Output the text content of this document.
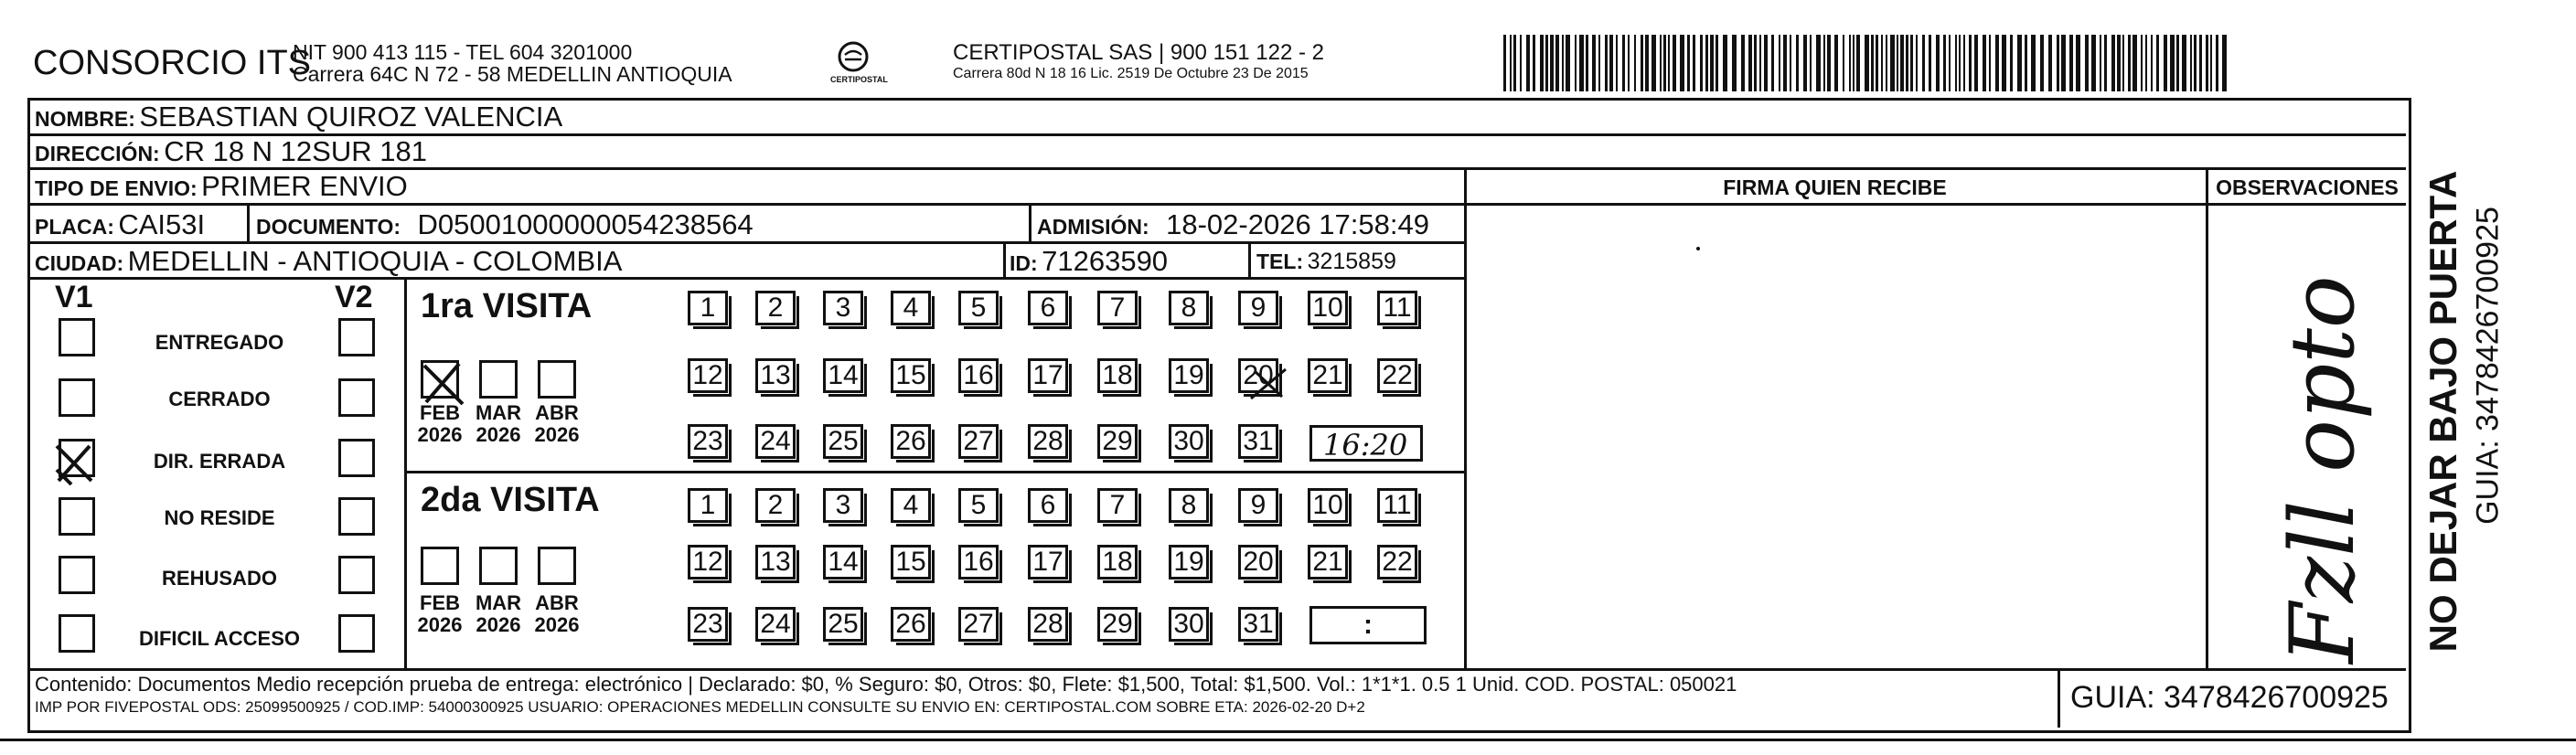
CONSORCIO ITS
NIT 900 413 115 - TEL 604 3201000
Carrera 64C N 72 - 58 MEDELLIN ANTIOQUIA	CERTIPOSTAL
CERTIPOSTAL SAS | 900 151 122 - 2
Carrera 80d N 18 16 Lic. 2519 De Octubre 23 De 2015
NOMBRE: SEBASTIAN QUIROZ VALENCIA
DIRECCIÓN: CR 18 N 12SUR 181
TIPO DE ENVIO: PRIMER ENVIO
PLACA: CAI53I DOCUMENTO: D05001000000054238564	ADMISIÓN: 18-02-2026 17:58:49
CIUDAD: MEDELLIN - ANTIOQUIA - COLOMBIA	ID: 71263590	TEL: 3215859
FIRMA QUIEN RECIBE	OBSERVACIONES
V1	V2
ENTREGADO
CERRADO
DIR. ERRADA
NO RESIDE
REHUSADO
DIFICIL ACCESO
1ra VISITA
2da VISITA
FEB
2026
MAR
2026
ABR
2026
FEB
2026
MAR
2026
ABR
2026
1	2	3	4	5	6	7	8	9	10 11
12 13 14 15 16 17 18 19 20 21 22
23 24 25 26 27 28 29 30 31
1	2	3	4	5	6	7	8	9	10 11
12 13 14 15 16 17 18 19 20 21 22
23 24 25 26 27 28 29 30 31
16:20
:	Fzll opto NO DEJAR BAJO PUERTA GUIA: 3478426700925
Contenido: Documentos Medio recepción prueba de entrega: electrónico | Declarado: $0, % Seguro: $0, Otros: $0, Flete: $1,500, Total: $1,500. Vol.: 1*1*1. 0.5 1 Unid. COD. POSTAL: 050021
IMP POR FIVEPOSTAL ODS: 25099500925 / COD.IMP: 54000300925 USUARIO: OPERACIONES MEDELLIN CONSULTE SU ENVIO EN: CERTIPOSTAL.COM SOBRE ETA: 2026-02-20 D+2	GUIA: 3478426700925
